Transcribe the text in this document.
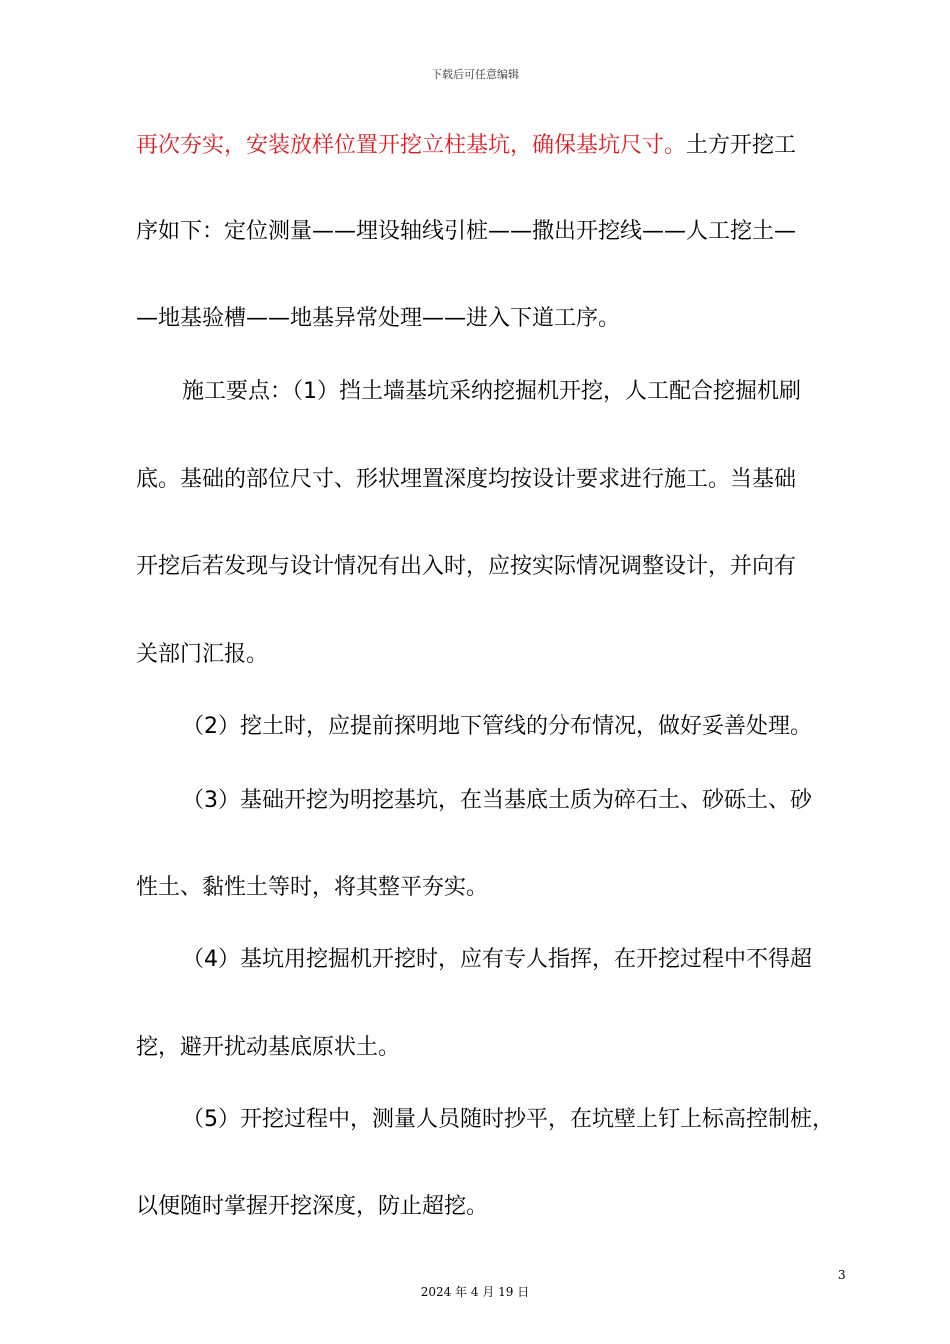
下载后可任意编辑
再次夯实，安装放样位置开挖立柱基坑，确保基坑尺寸。土方开挖工
序如下：定位测量——埋设轴线引桩——撒出开挖线——人工挖土—
—地基验槽——地基异常处理——进入下道工序。
施工要点：（1）挡土墙基坑采纳挖掘机开挖，人工配合挖掘机刷
底。基础的部位尺寸、形状埋置深度均按设计要求进行施工。当基础
开挖后若发现与设计情况有出入时，应按实际情况调整设计，并向有
关部门汇报。
（2）挖土时，应提前探明地下管线的分布情况，做好妥善处理。
（3）基础开挖为明挖基坑，在当基底土质为碎石土、砂砾土、砂
性土、黏性土等时，将其整平夯实。
（4）基坑用挖掘机开挖时，应有专人指挥，在开挖过程中不得超
挖，避开扰动基底原状土。
（5）开挖过程中，测量人员随时抄平，在坑壁上钉上标高控制桩，
以便随时掌握开挖深度，防止超挖。
3
2024 年 4 月 19 日
